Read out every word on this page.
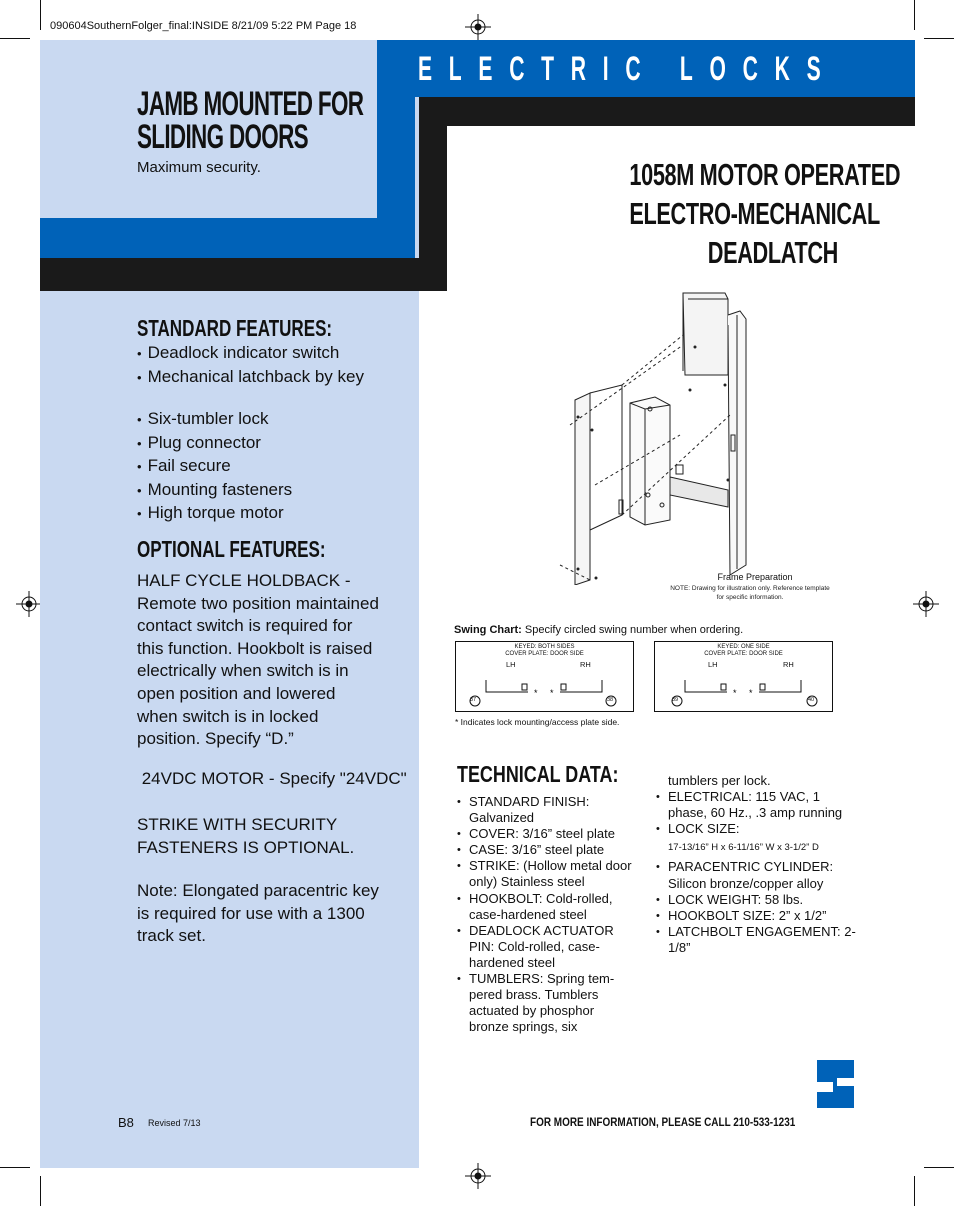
090604SouthernFolger_final:INSIDE 8/21/09 5:22 PM Page 18
ELECTRIC LOCKS
JAMB MOUNTED FOR
SLIDING DOORS
Maximum security.	1058M MOTOR OPERATED
ELECTRO-MECHANICAL
DEADLATCH
STANDARD FEATURES:
• Deadlock indicator switch
• Mechanical latchback by key
• Six-tumbler lock
• Plug connector
• Fail secure
• Mounting fasteners
• High torque motor
OPTIONAL FEATURES:
HALF CYCLE HOLDBACK -
Remote two position maintained
contact switch is required for
this function. Hookbolt is raised
electrically when switch is in
open position and lowered
when switch is in locked
position. Specify “D.”
24VDC MOTOR - Specify "24VDC"
STRIKE WITH SECURITY
FASTENERS IS OPTIONAL.
Note: Elongated paracentric key
is required for use with a 1300
track set.
Frame Preparation
NOTE: Drawing for illustration only. Reference template
for specific information.
Swing Chart: Specify circled swing number when ordering.
KEYED: BOTH SIDES
COVER PLATE: DOOR SIDE
LH	RH
* *
37	38
KEYED: ONE SIDE
COVER PLATE: DOOR SIDE
LH	RH
* *
39	40
* Indicates lock mounting/access plate side.
TECHNICAL DATA:
• STANDARD FINISH: Galvanized
• COVER: 3/16” steel plate
• CASE: 3/16” steel plate
• STRIKE: (Hollow metal door only) Stainless steel
• HOOKBOLT: Cold-rolled, case-hardened steel
• DEADLOCK ACTUATOR PIN: Cold-rolled, case-hardened steel
• TUMBLERS: Spring tem-pered brass. Tumblers actuated by phosphor bronze springs, six
tumblers per lock.
• ELECTRICAL: 115 VAC, 1 phase, 60 Hz., .3 amp running
• LOCK SIZE:
17-13/16” H x 6-11/16” W x 3-1/2” D
• PARACENTRIC CYLINDER:
Silicon bronze/copper alloy
• LOCK WEIGHT: 58 lbs.
• HOOKBOLT SIZE: 2” x 1/2”
• LATCHBOLT ENGAGEMENT: 2-1/8”
B8 Revised 7/13	FOR MORE INFORMATION, PLEASE CALL 210-533-1231
